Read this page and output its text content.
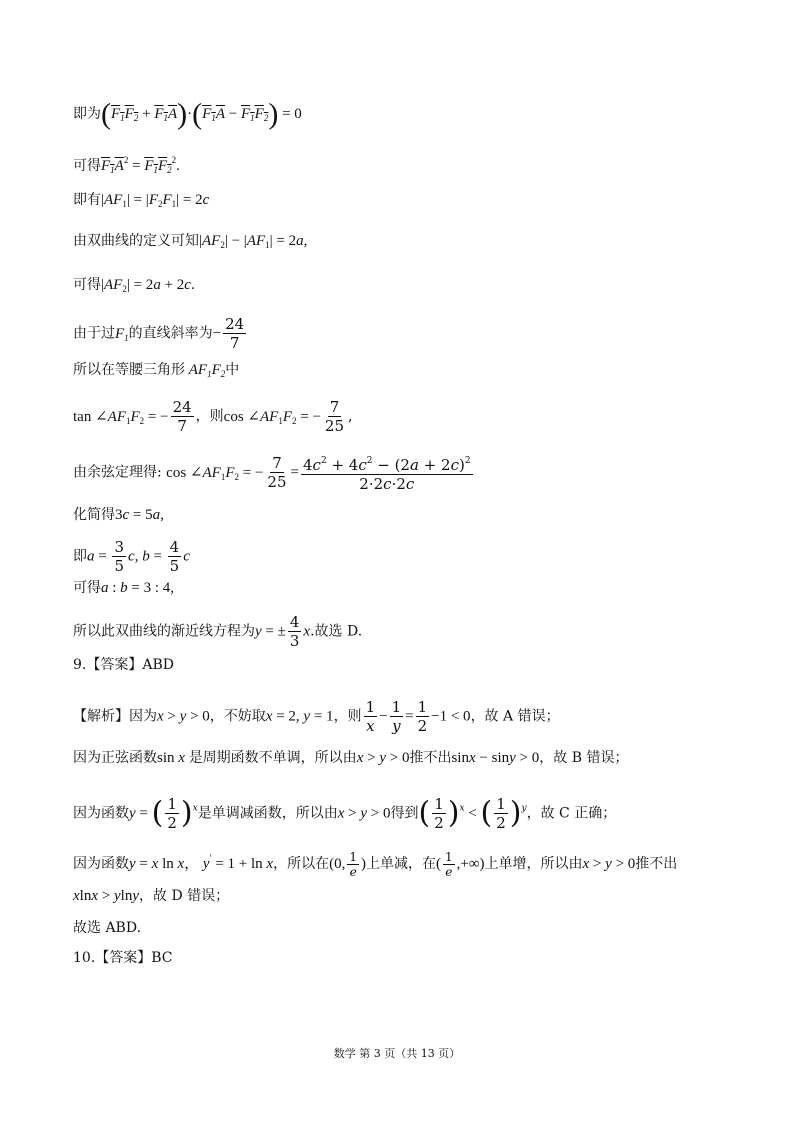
即为$(F_1F_2 + F_1A)\cdot(F_1A - F_1F_2) = 0$
可得$F_1A^2 = F_1F_2^2$.
即有$|AF_1| = |F_2F_1| = 2c$
由双曲线的定义可知$|AF_2| - |AF_1| = 2a$,
可得$|AF_2| = 2a + 2c$.
由于过$F_1$的直线斜率为− $\frac{24}{7}$
所以在等腰三角形 $AF_1F_2$中
$\tan \angle AF_1F_2$ = − $\frac{24}{7}$ ，则$\cos \angle AF_1F_2$ = − $\frac{7}{25}$ ,
由余弦定理得: $\cos \angle AF_1F_2$ = − $\frac{7}{25} = \frac{4c^2 + 4c^2 - (2a + 2c)^2}{2\cdot 2c\cdot 2c}$
化简得3c = 5a,
即$a = \frac{3}{5} c$, $b = \frac{4}{5}$ c
可得a : b = 3 : 4,
所以此双曲线的渐近线方程为y = ± $\frac{4}{3} x$.故选 D.
9.【答案】ABD
【解析】因为x > y > 0，不妨取x = 2, y = 1，则 $\frac{1}{x} - \frac{1}{y} = \frac{1}{2} -1 < 0$，故 A 错误；
因为正弦函数sin x 是周期函数不单调，所以由x > y > 0推不出sinx − siny > 0，故 B 错误；
因为函数y = ( $\frac{1}{2} )^x$是单调减函数，所以由x > y > 0得到( $\frac{1}{2} )^x$ < ( $\frac{1}{2} )^y$，故 C 正确；
因为函数y = x ln x， y′ = 1 + ln x，所以在(0, $\frac{1}{e}$ )上单减，在( $\frac{1}{e}$ ,+∞)上单增，所以由x > y > 0推不出
xlnx > ylny，故 D 错误；
故选 ABD.
10.【答案】BC
数学 第 3 页（共 13 页）
